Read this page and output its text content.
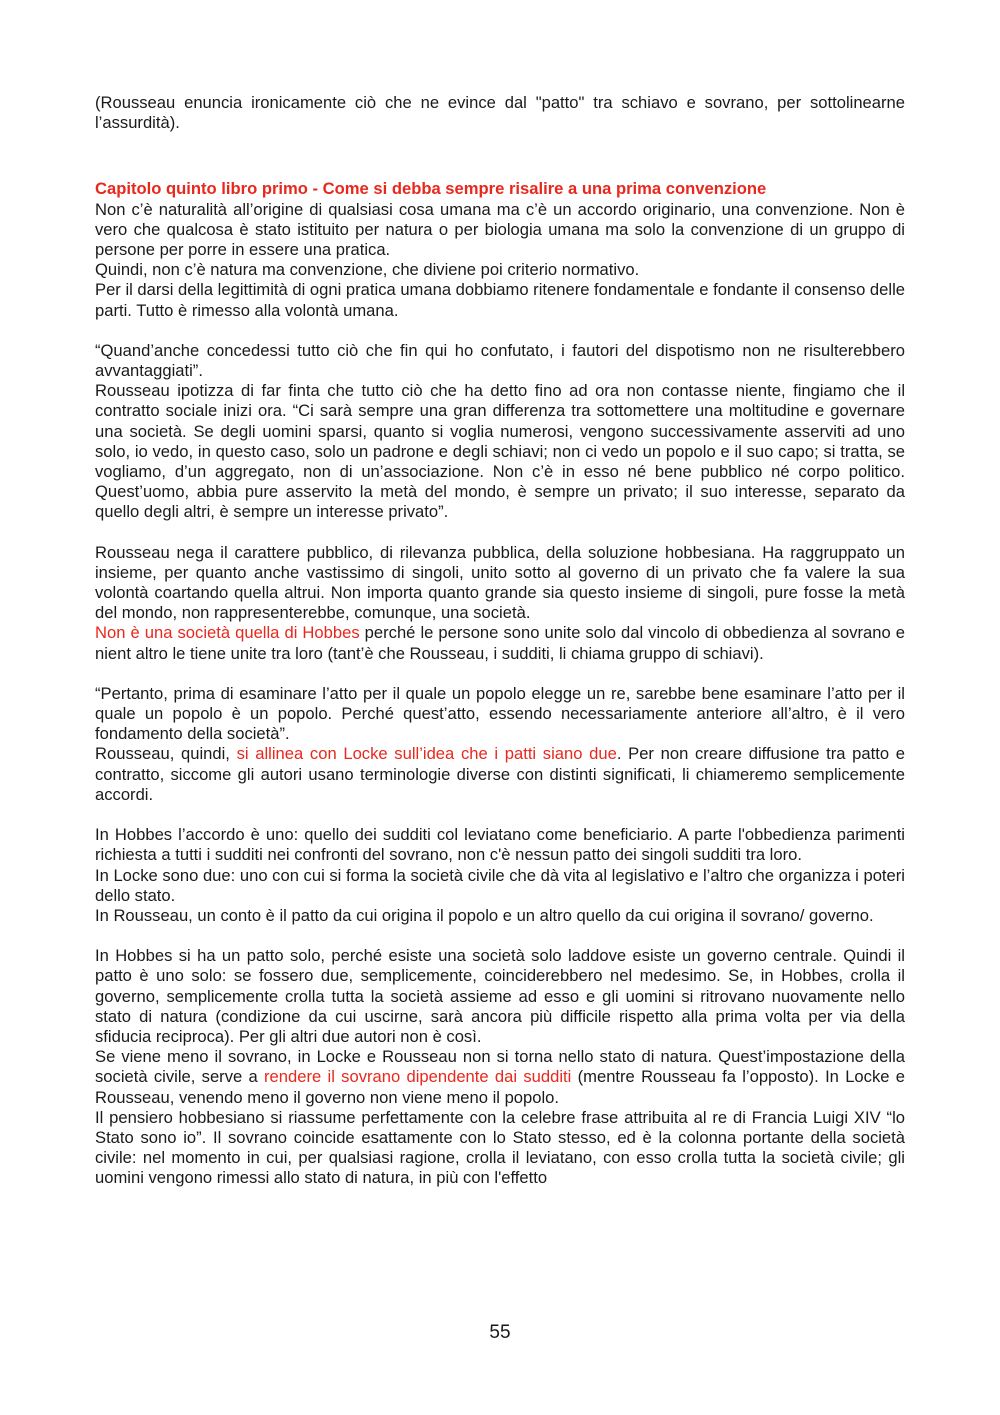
(Rousseau enuncia ironicamente ciò che ne evince dal "patto" tra schiavo e sovrano, per sottolinearne l’assurdità).

Capitolo quinto libro primo - Come si debba sempre risalire a una prima convenzione

Non c’è naturalità all’origine di qualsiasi cosa umana ma c’è un accordo originario, una convenzione. Non è vero che qualcosa è stato istituito per natura o per biologia umana ma solo la convenzione di un gruppo di persone per porre in essere una pratica.

Quindi, non c’è natura ma convenzione, che diviene poi criterio normativo.

Per il darsi della legittimità di ogni pratica umana dobbiamo ritenere fondamentale e fondante il consenso delle parti. Tutto è rimesso alla volontà umana.

“Quand’anche concedessi tutto ciò che fin qui ho confutato, i fautori del dispotismo non ne risulterebbero avvantaggiati”.

Rousseau ipotizza di far finta che tutto ciò che ha detto fino ad ora non contasse niente, fingiamo che il contratto sociale inizi ora. “Ci sarà sempre una gran differenza tra sottomettere una moltitudine e governare una società. Se degli uomini sparsi, quanto si voglia numerosi, vengono successivamente asserviti ad uno solo, io vedo, in questo caso, solo un padrone e degli schiavi; non ci vedo un popolo e il suo capo; si tratta, se vogliamo, d’un aggregato, non di un’associazione. Non c’è in esso né bene pubblico né corpo politico. Quest’uomo, abbia pure asservito la metà del mondo, è sempre un privato; il suo interesse, separato da quello degli altri, è sempre un interesse privato”.

Rousseau nega il carattere pubblico, di rilevanza pubblica, della soluzione hobbesiana. Ha raggruppato un insieme, per quanto anche vastissimo di singoli, unito sotto al governo di un privato che fa valere la sua volontà coartando quella altrui. Non importa quanto grande sia questo insieme di singoli, pure fosse la metà del mondo, non rappresenterebbe, comunque, una società.

Non è una società quella di Hobbes perché le persone sono unite solo dal vincolo di obbedienza al sovrano e nient altro le tiene unite tra loro (tant’è che Rousseau, i sudditi, li chiama gruppo di schiavi).

“Pertanto, prima di esaminare l’atto per il quale un popolo elegge un re, sarebbe bene esaminare l’atto per il quale un popolo è un popolo. Perché quest’atto, essendo necessariamente anteriore all’altro, è il vero fondamento della società”.

Rousseau, quindi, si allinea con Locke sull’idea che i patti siano due. Per non creare diffusione tra patto e contratto, siccome gli autori usano terminologie diverse con distinti significati, li chiameremo semplicemente accordi.

In Hobbes l’accordo è uno: quello dei sudditi col leviatano come beneficiario. A parte l'obbedienza parimenti richiesta a tutti i sudditi nei confronti del sovrano, non c'è nessun patto dei singoli sudditi tra loro.

In Locke sono due: uno con cui si forma la società civile che dà vita al legislativo e l’altro che organizza i poteri dello stato.

In Rousseau, un conto è il patto da cui origina il popolo e un altro quello da cui origina il sovrano/ governo.

In Hobbes si ha un patto solo, perché esiste una società solo laddove esiste un governo centrale. Quindi il patto è uno solo: se fossero due, semplicemente, coinciderebbero nel medesimo. Se, in Hobbes, crolla il governo, semplicemente crolla tutta la società assieme ad esso e gli uomini si ritrovano nuovamente nello stato di natura (condizione da cui uscirne, sarà ancora più difficile rispetto alla prima volta per via della sfiducia reciproca). Per gli altri due autori non è così.

Se viene meno il sovrano, in Locke e Rousseau non si torna nello stato di natura. Quest’impostazione della società civile, serve a rendere il sovrano dipendente dai sudditi (mentre Rousseau fa l’opposto). In Locke e Rousseau, venendo meno il governo non viene meno il popolo.

Il pensiero hobbesiano si riassume perfettamente con la celebre frase attribuita al re di Francia Luigi XIV “lo Stato sono io”. Il sovrano coincide esattamente con lo Stato stesso, ed è la colonna portante della società civile: nel momento in cui, per qualsiasi ragione, crolla il leviatano, con esso crolla tutta la società civile; gli uomini vengono rimessi allo stato di natura, in più con l'effetto

55
